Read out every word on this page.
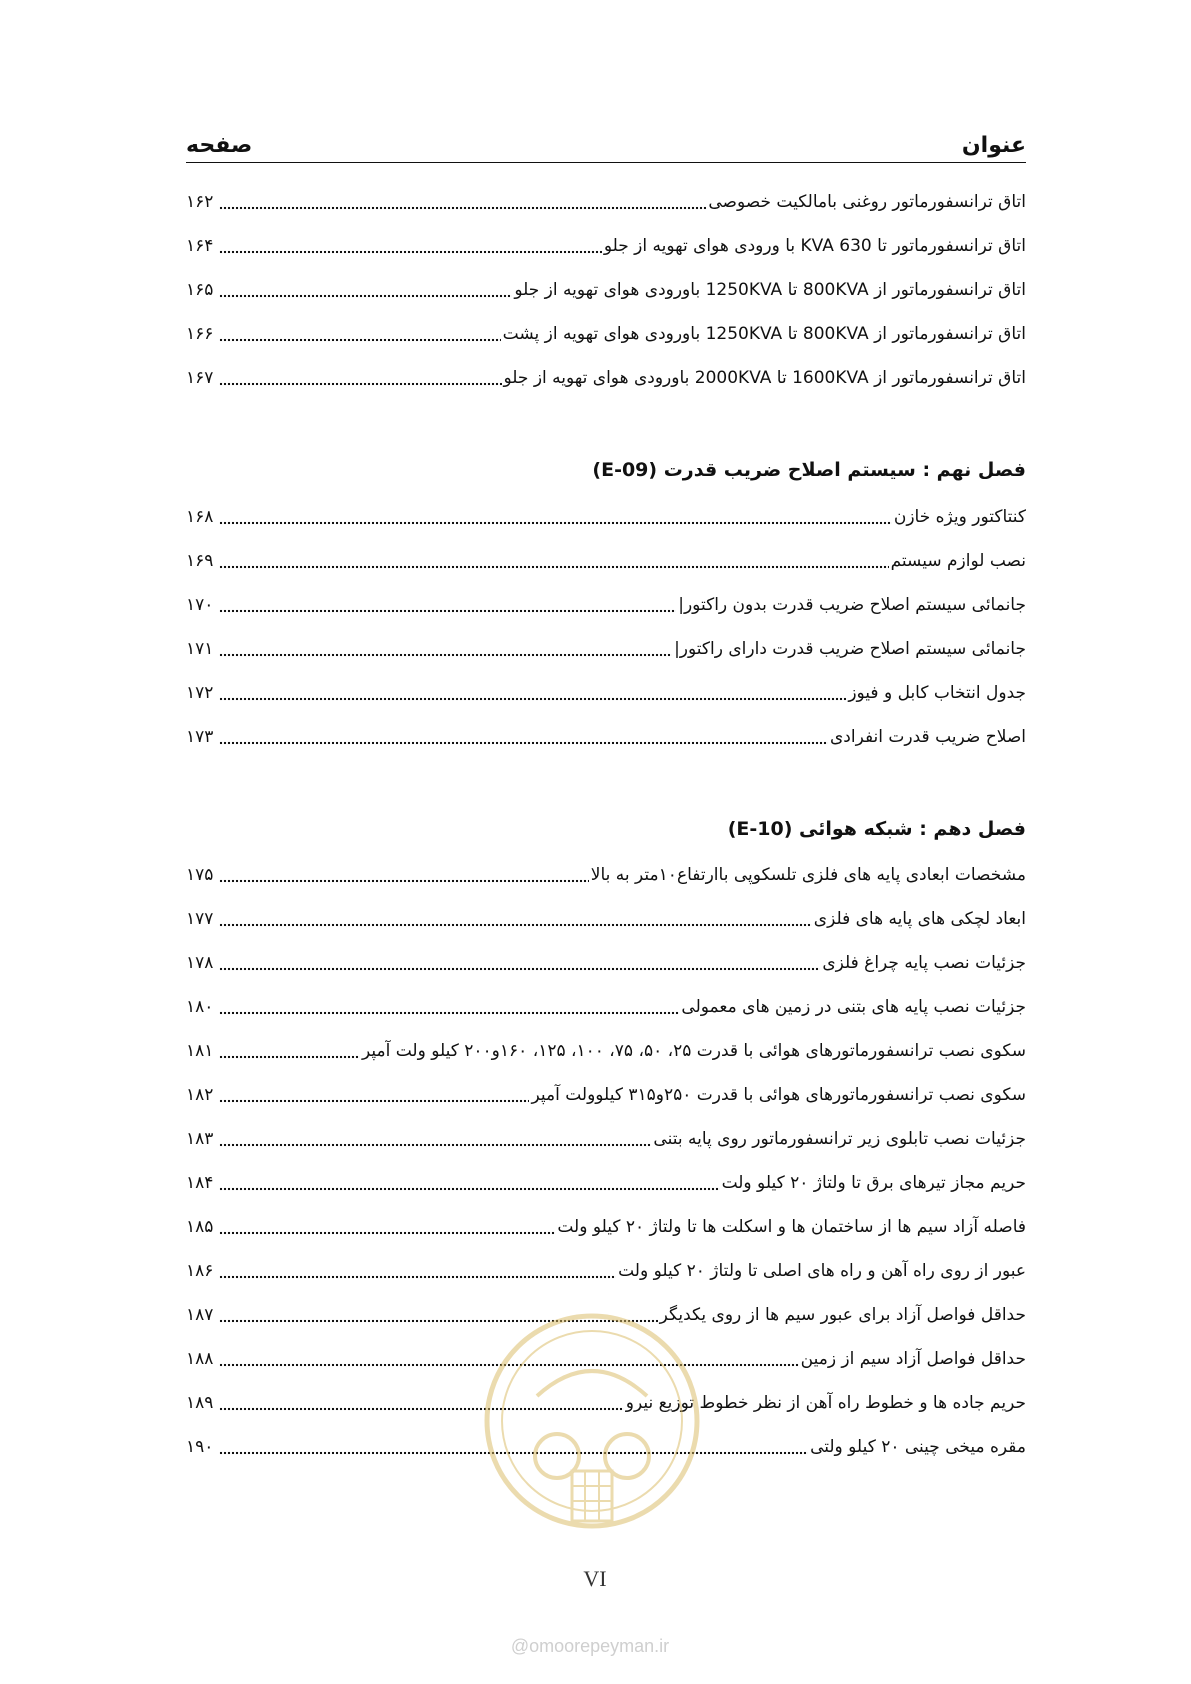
عنوان
صفحه
اتاق ترانسفورماتور روغنی بامالکیت خصوصی
۱۶۲
اتاق ترانسفورماتور تا 630 KVA با ورودی هوای تهویه از جلو
۱۶۴
اتاق ترانسفورماتور از 800KVA تا 1250KVA باورودی هوای تهویه از جلو
۱۶۵
اتاق ترانسفورماتور از 800KVA تا 1250KVA باورودی هوای تهویه از پشت
۱۶۶
اتاق ترانسفورماتور از 1600KVA تا 2000KVA باورودی هوای تهویه از جلو
۱۶۷
فصل نهم : سیستم اصلاح ضریب قدرت (E-09)
کنتاکتور ویژه خازن
۱۶۸
نصب لوازم سیستم
۱۶۹
جانمائی سیستم اصلاح ضریب قدرت بدون راکتور|
۱۷۰
جانمائی سیستم اصلاح ضریب قدرت دارای راکتور|
۱۷۱
جدول انتخاب کابل و فیوز
۱۷۲
اصلاح ضریب قدرت انفرادی
۱۷۳
فصل دهم : شبکه هوائی (E-10)
مشخصات ابعادی پایه های فلزی تلسکوپی باارتفاع۱۰متر به بالا
۱۷۵
ابعاد لچکی های پایه های فلزی
۱۷۷
جزئیات نصب پایه چراغ فلزی
۱۷۸
جزئیات نصب پایه های بتنی در زمین های معمولی
۱۸۰
سکوی نصب ترانسفورماتورهای هوائی با قدرت ۲۵، ۵۰، ۷۵، ۱۰۰، ۱۲۵، ۱۶۰و۲۰۰ کیلو ولت آمپر
۱۸۱
سکوی نصب ترانسفورماتورهای هوائی با قدرت ۲۵۰و۳۱۵ کیلوولت آمپر
۱۸۲
جزئیات نصب تابلوی زیر ترانسفورماتور روی پایه بتنی
۱۸۳
حریم مجاز تیرهای برق تا ولتاژ ۲۰ کیلو ولت
۱۸۴
فاصله آزاد سیم ها از ساختمان ها و اسکلت ها تا ولتاژ ۲۰ کیلو ولت
۱۸۵
عبور از روی راه آهن و راه های اصلی تا ولتاژ ۲۰ کیلو ولت
۱۸۶
حداقل فواصل آزاد برای عبور سیم ها از روی یکدیگر
۱۸۷
حداقل فواصل آزاد سیم از زمین
۱۸۸
حریم جاده ها و خطوط راه آهن از نظر خطوط توزیع نیرو
۱۸۹
مقره میخی چینی ۲۰ کیلو ولتی
۱۹۰
VI
@omoorepeyman.ir
